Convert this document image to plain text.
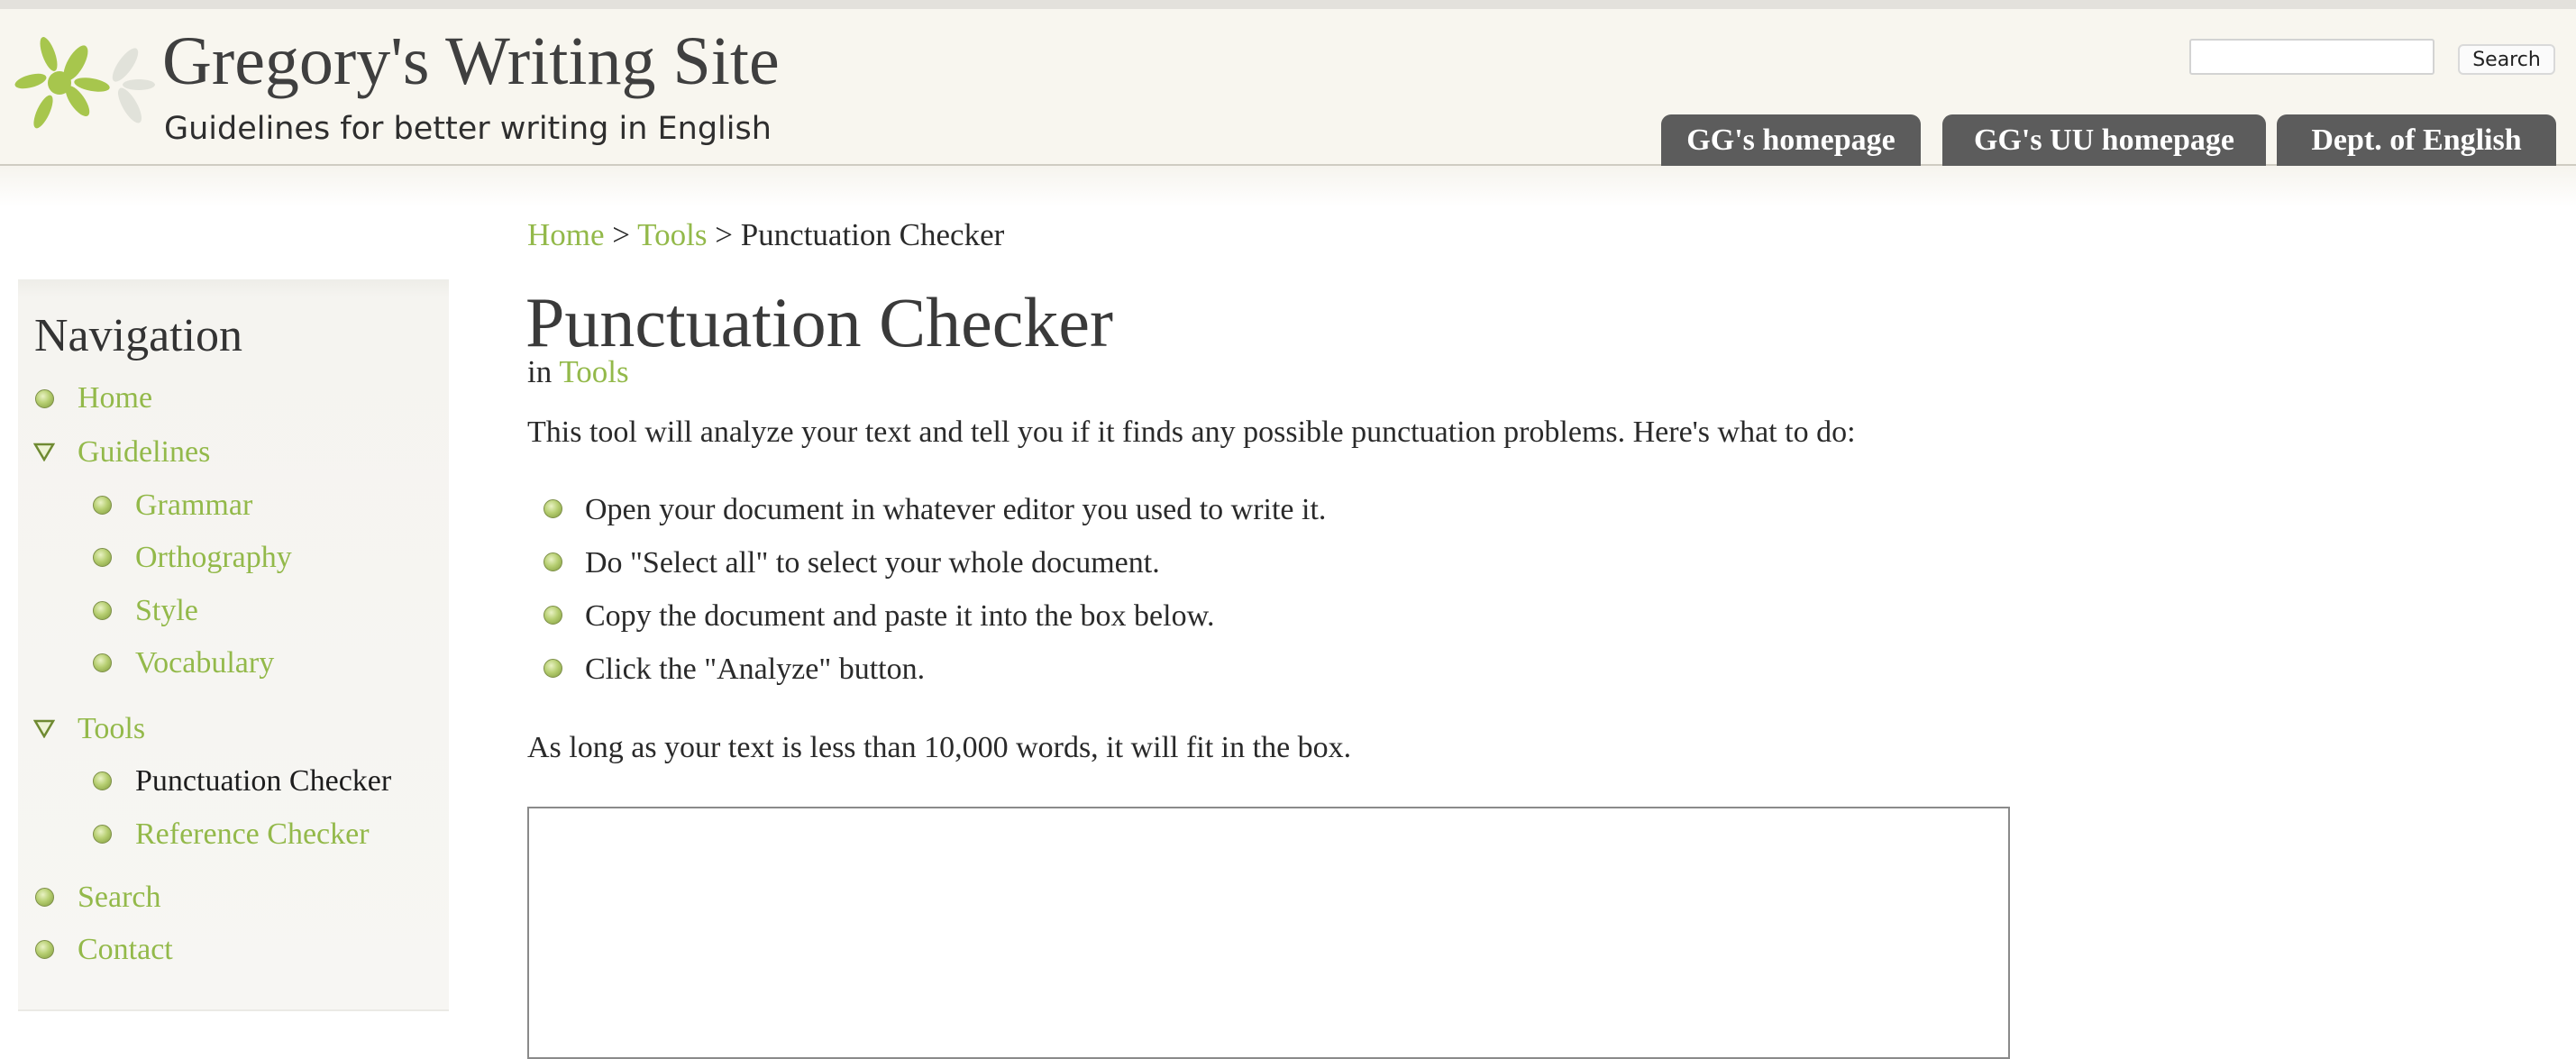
Gregory's Writing Site
Guidelines for better writing in English
Search
GG's homepage	GG's UU homepage	Dept. of English
Navigation
Home
Guidelines
Grammar
Orthography
Style
Vocabulary
Tools
Punctuation Checker
Reference Checker
Search
Contact
Home > Tools > Punctuation Checker
Punctuation Checker
in Tools
This tool will analyze your text and tell you if it finds any possible punctuation problems. Here's what to do:
Open your document in whatever editor you used to write it.
Do "Select all" to select your whole document.
Copy the document and paste it into the box below.
Click the "Analyze" button.
As long as your text is less than 10,000 words, it will fit in the box.
